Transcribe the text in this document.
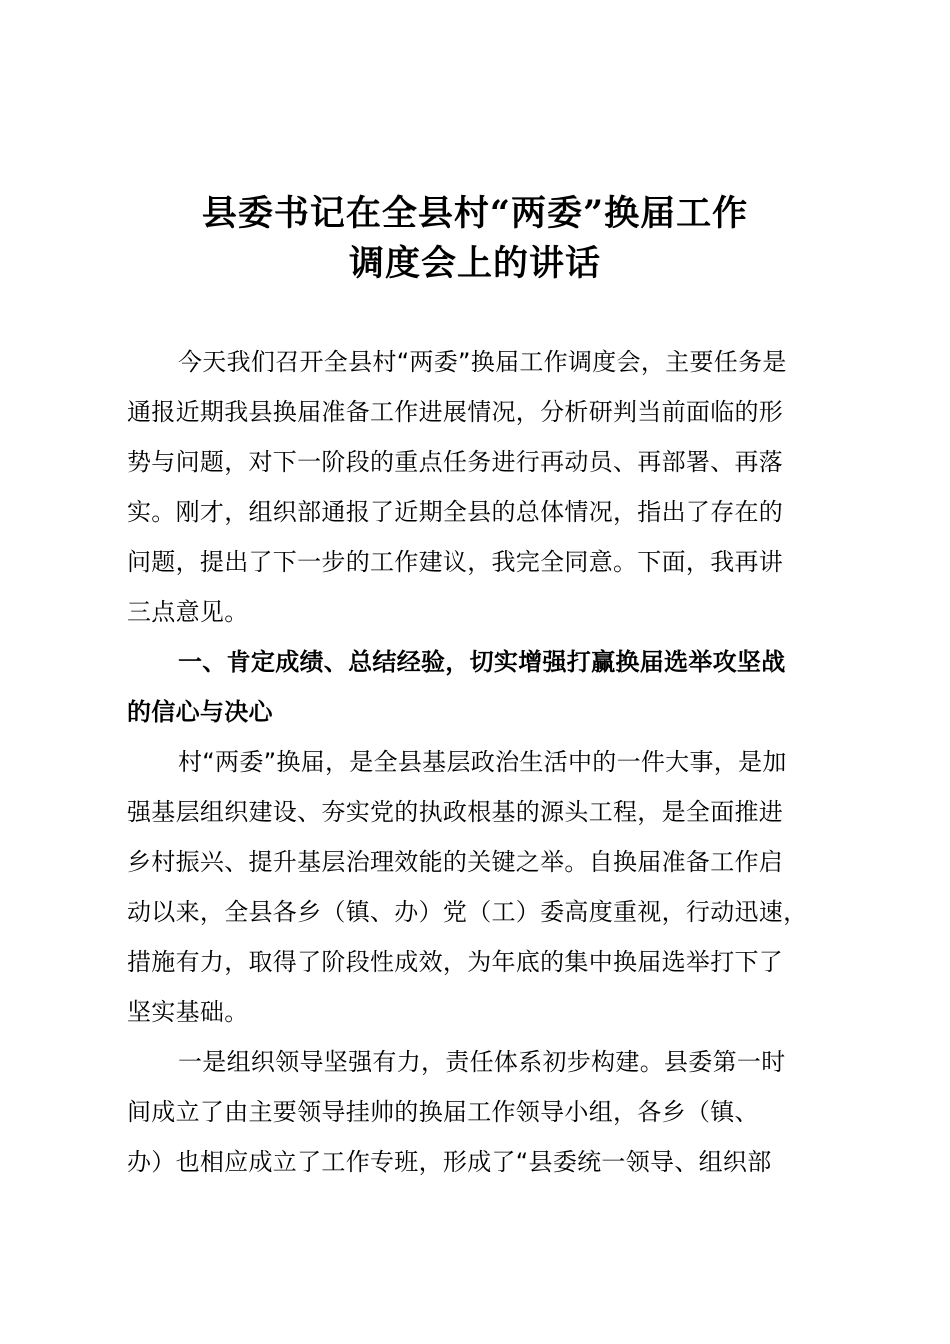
县委书记在全县村“两委”换届工作
调度会上的讲话
今天我们召开全县村“两委”换届工作调度会，主要任务是
通报近期我县换届准备工作进展情况，分析研判当前面临的形
势与问题，对下一阶段的重点任务进行再动员、再部署、再落
实。刚才，组织部通报了近期全县的总体情况，指出了存在的
问题，提出了下一步的工作建议，我完全同意。下面，我再讲
三点意见。
一、肯定成绩、总结经验，切实增强打赢换届选举攻坚战
的信心与决心
村“两委”换届，是全县基层政治生活中的一件大事，是加
强基层组织建设、夯实党的执政根基的源头工程，是全面推进
乡村振兴、提升基层治理效能的关键之举。自换届准备工作启
动以来，全县各乡（镇、办）党（工）委高度重视，行动迅速，
措施有力，取得了阶段性成效，为年底的集中换届选举打下了
坚实基础。
一是组织领导坚强有力，责任体系初步构建。县委第一时
间成立了由主要领导挂帅的换届工作领导小组，各乡（镇、
办）也相应成立了工作专班，形成了“县委统一领导、组织部
